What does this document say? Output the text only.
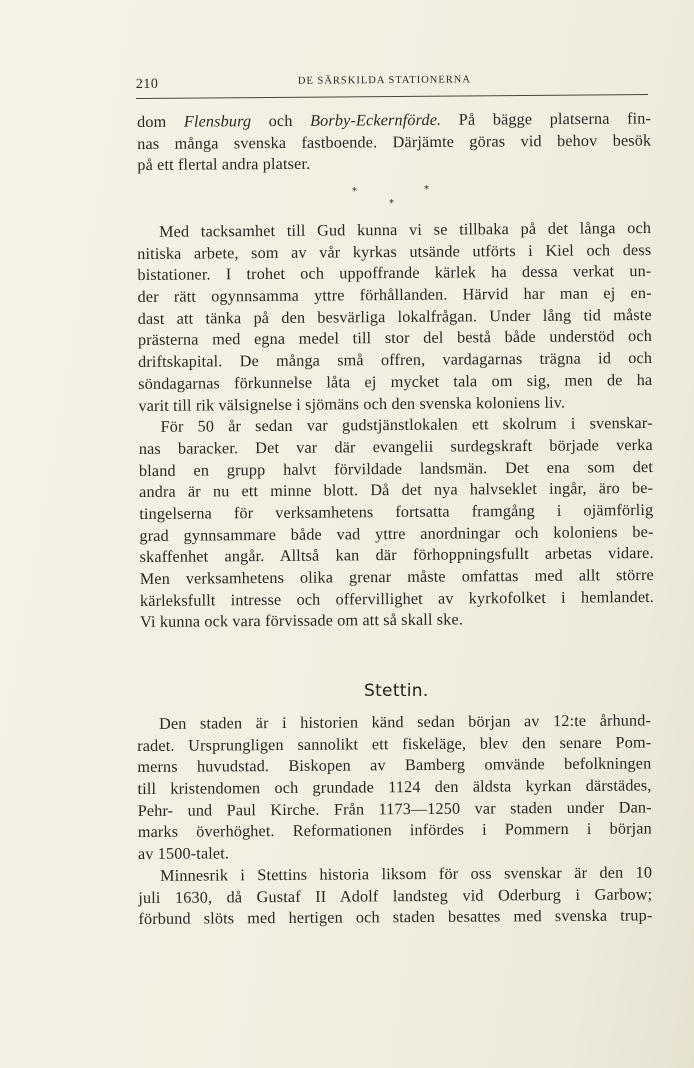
210	DE SÄRSKILDA STATIONERNA
dom Flensburg och Borby-Eckernförde. På bägge platserna fin-
nas många svenska fastboende. Därjämte göras vid behov besök
på ett flertal andra platser.
*	*
*
Med tacksamhet till Gud kunna vi se tillbaka på det långa och
nitiska arbete, som av vår kyrkas utsände utförts i Kiel och dess
bistationer. I trohet och uppoffrande kärlek ha dessa verkat un-
der rätt ogynnsamma yttre förhållanden. Härvid har man ej en-
dast att tänka på den besvärliga lokalfrågan. Under lång tid måste
prästerna med egna medel till stor del bestå både understöd och
driftskapital. De många små offren, vardagarnas trägna id och
söndagarnas förkunnelse låta ej mycket tala om sig, men de ha
varit till rik välsignelse i sjömäns och den svenska koloniens liv.
För 50 år sedan var gudstjänstlokalen ett skolrum i svenskar-
nas baracker. Det var där evangelii surdegskraft började verka
bland en grupp halvt förvildade landsmän. Det ena som det
andra är nu ett minne blott. Då det nya halvseklet ingår, äro be-
tingelserna för verksamhetens fortsatta framgång i ojämförlig
grad gynnsammare både vad yttre anordningar och koloniens be-
skaffenhet angår. Alltså kan där förhoppningsfullt arbetas vidare.
Men verksamhetens olika grenar måste omfattas med allt större
kärleksfullt intresse och offervillighet av kyrkofolket i hemlandet.
Vi kunna ock vara förvissade om att så skall ske.
Stettin.
Den staden är i historien känd sedan början av 12:te århund-
radet. Ursprungligen sannolikt ett fiskeläge, blev den senare Pom-
merns huvudstad. Biskopen av Bamberg omvände befolkningen
till kristendomen och grundade 1124 den äldsta kyrkan därstädes,
Pehr- und Paul Kirche. Från 1173—1250 var staden under Dan-
marks överhöghet. Reformationen infördes i Pommern i början
av 1500-talet.
Minnesrik i Stettins historia liksom för oss svenskar är den 10
juli 1630, då Gustaf II Adolf landsteg vid Oderburg i Garbow;
förbund slöts med hertigen och staden besattes med svenska trup-
